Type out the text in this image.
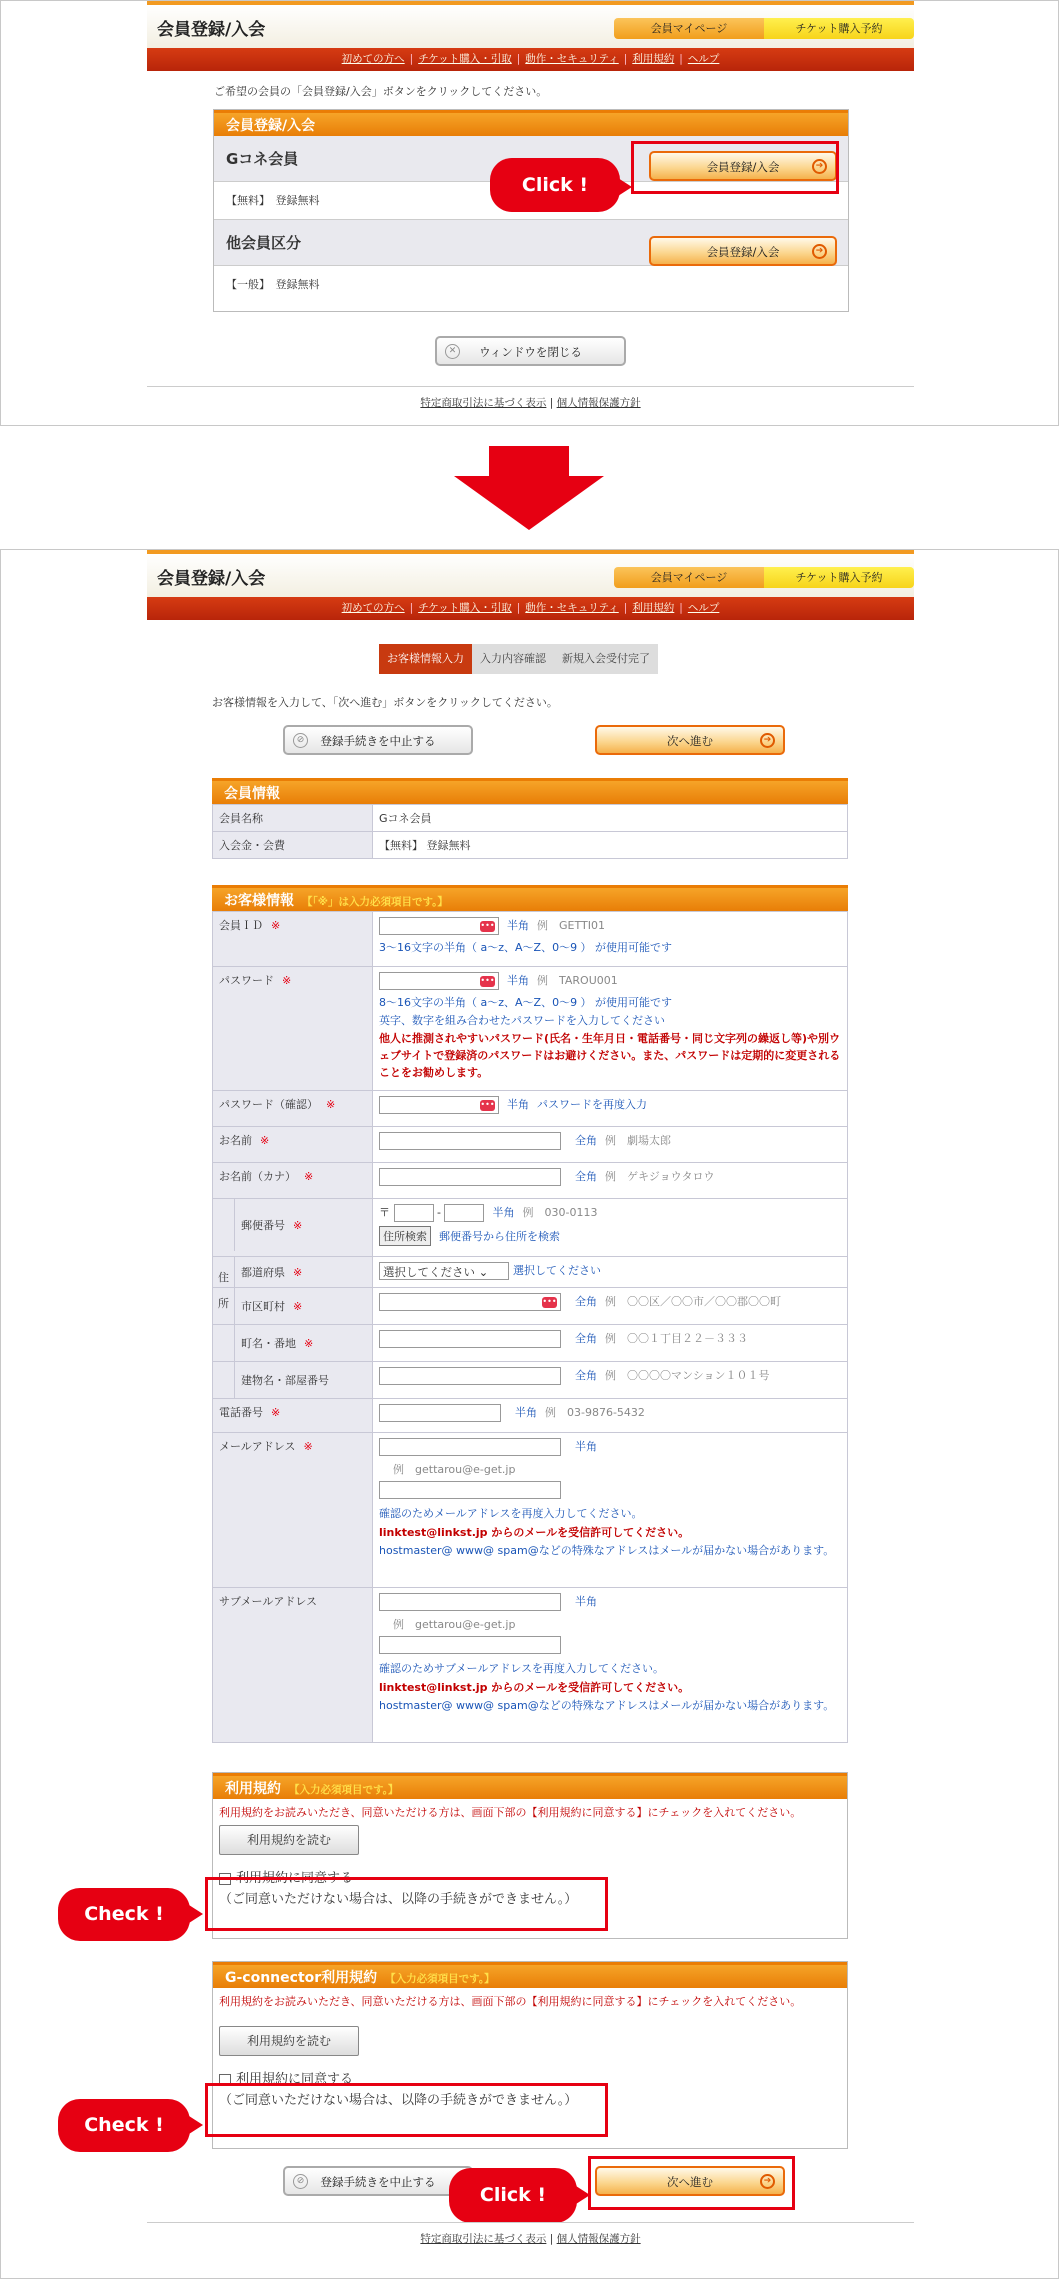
会員登録/入会	会員マイページ	チケット購入予約
初めての方へ | チケット購入・引取 | 動作・セキュリティ | 利用規約 | ヘルプ
ご希望の会員の「会員登録/入会」ボタンをクリックしてください。
会員登録/入会
Gコネ会員
【無料】　登録無料
他会員区分
【一般】　登録無料
会員登録/入会	➔
会員登録/入会	➔
Click !
✕	ウィンドウを閉じる
特定商取引法に基づく表示 | 個人情報保護方針
会員登録/入会	会員マイページ	チケット購入予約
初めての方へ | チケット購入・引取 | 動作・セキュリティ | 利用規約 | ヘルプ
お客様情報入力	入力内容確認	新規入会受付完了
お客様情報を入力して、「次へ進む」ボタンをクリックしてください。
⊘	登録手続きを中止する	次へ進む	➔
会員情報
会員名称	Gコネ会員
入会金・会費	【無料】 登録無料
お客様情報 【「※」は入力必須項目です。】
会員ＩＤ ※	••• 半角 例　GETTI01
3～16文字の半角（ a～z、A～Z、0～9 ） が使用可能です

パスワード ※	••• 半角 例　TAROU001
8～16文字の半角（ a～z、A～Z、0～9 ） が使用可能です
英字、数字を組み合わせたパスワードを入力してください
他人に推測されやすいパスワード(氏名・生年月日・電話番号・同じ文字列の繰返し等)や別ウェブサイトで登録済のパスワードはお避けください。また、パスワードは定期的に変更されることをお勧めします。

パスワード（確認） ※	••• 半角 パスワードを再度入力
お名前 ※	全角 例　劇場太郎
お名前（カナ） ※	全角 例　ゲキジョウタロウ

郵便番号 ※	〒 - 半角 例　030-0113
住所検索 郵便番号から住所を検索

住所
都道府県 ※	選択してください ⌄ 選択してください

市区町村 ※	••• 全角 例　〇〇区／〇〇市／〇〇郡〇〇町

町名・番地 ※	全角 例　〇〇１丁目２２－３３３

建物名・部屋番号	全角 例　〇〇〇〇マンション１０１号
電話番号 ※	半角 例　03-9876-5432
メールアドレス ※	半角
例　gettarou@e-get.jp
確認のためメールアドレスを再度入力してください。
linktest@linkst.jp からのメールを受信許可してください。
hostmaster@ www@ spam@などの特殊なアドレスはメールが届かない場合があります。

サブメールアドレス	半角
例　gettarou@e-get.jp
確認のためサブメールアドレスを再度入力してください。
linktest@linkst.jp からのメールを受信許可してください。
hostmaster@ www@ spam@などの特殊なアドレスはメールが届かない場合があります。
利用規約 【入力必須項目です。】
利用規約をお読みいただき、同意いただける方は、画面下部の【利用規約に同意する】にチェックを入れてください。
利用規約を読む
利用規約に同意する
（ご同意いただけない場合は、以降の手続きができません。）
Check !
G-connector利用規約 【入力必須項目です。】
利用規約をお読みいただき、同意いただける方は、画面下部の【利用規約に同意する】にチェックを入れてください。
利用規約を読む
利用規約に同意する
（ご同意いただけない場合は、以降の手続きができません。）
Check !
⊘	登録手続きを中止する	次へ進む	➔
Click !
特定商取引法に基づく表示 | 個人情報保護方針
